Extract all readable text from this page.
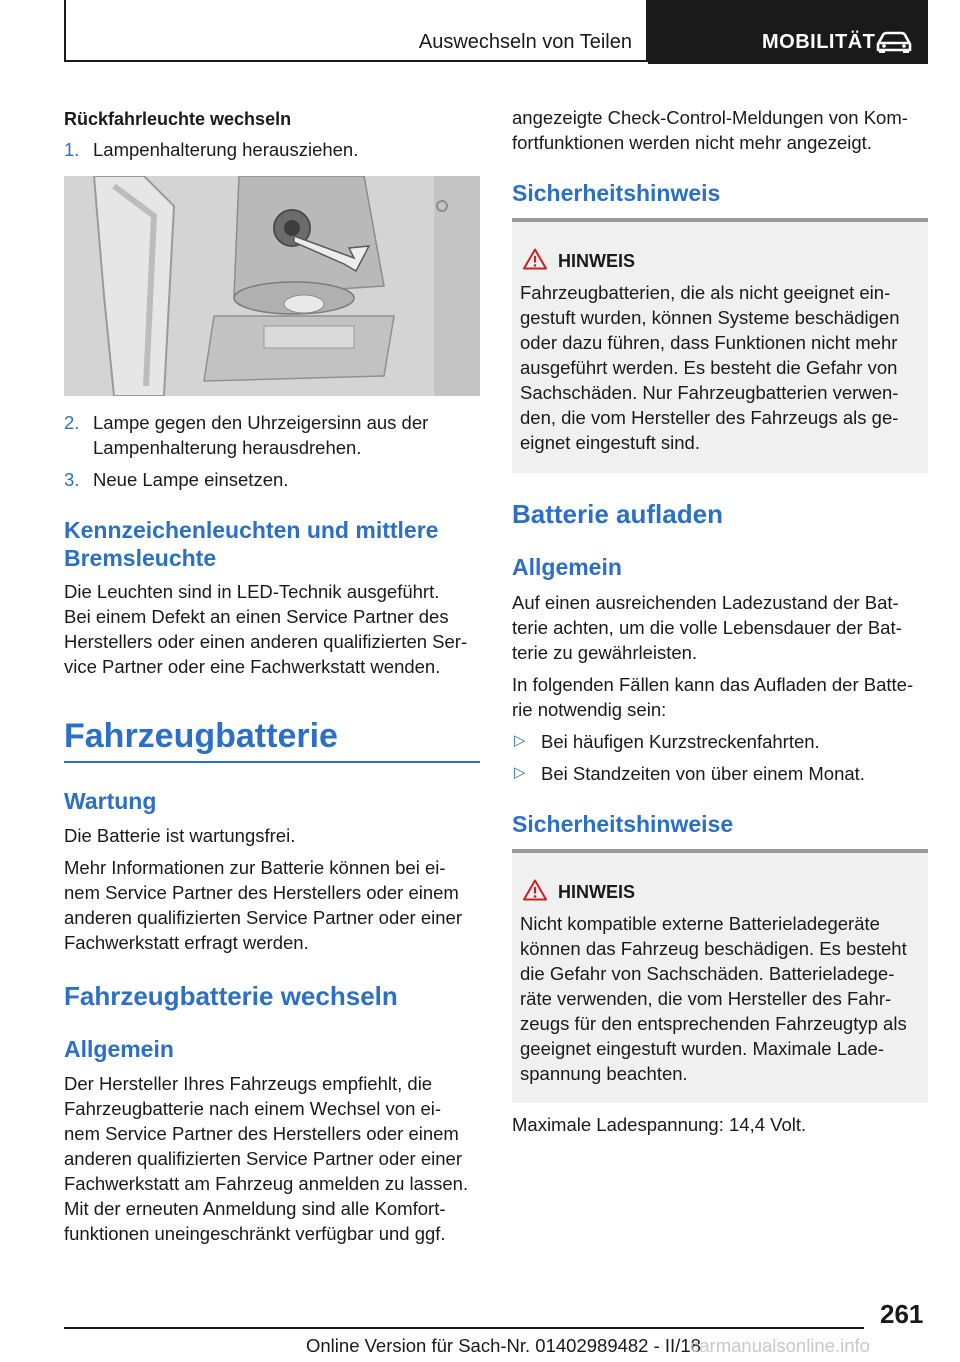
Auswechseln von Teilen	MOBILITÄT
Rückfahrleuchte wechseln
1. Lampenhalterung herausziehen.
2. Lampe gegen den Uhrzeigersinn aus der
Lampenhalterung herausdrehen.
3. Neue Lampe einsetzen.
Kennzeichenleuchten und mittlere
Bremsleuchte
Die Leuchten sind in LED-Technik ausgeführt.
Bei einem Defekt an einen Service Partner des
Herstellers oder einen anderen qualifizierten Ser-
vice Partner oder eine Fachwerkstatt wenden.
Fahrzeugbatterie
Wartung
Die Batterie ist wartungsfrei.
Mehr Informationen zur Batterie können bei ei-
nem Service Partner des Herstellers oder einem
anderen qualifizierten Service Partner oder einer
Fachwerkstatt erfragt werden.
Fahrzeugbatterie wechseln
Allgemein
Der Hersteller Ihres Fahrzeugs empfiehlt, die
Fahrzeugbatterie nach einem Wechsel von ei-
nem Service Partner des Herstellers oder einem
anderen qualifizierten Service Partner oder einer
Fachwerkstatt am Fahrzeug anmelden zu lassen.
Mit der erneuten Anmeldung sind alle Komfort-
funktionen uneingeschränkt verfügbar und ggf.
angezeigte Check-Control-Meldungen von Kom-
fortfunktionen werden nicht mehr angezeigt.
Sicherheitshinweis
HINWEIS
Fahrzeugbatterien, die als nicht geeignet ein-
gestuft wurden, können Systeme beschädigen
oder dazu führen, dass Funktionen nicht mehr
ausgeführt werden. Es besteht die Gefahr von
Sachschäden. Nur Fahrzeugbatterien verwen-
den, die vom Hersteller des Fahrzeugs als ge-
eignet eingestuft sind.
Batterie aufladen
Allgemein
Auf einen ausreichenden Ladezustand der Bat-
terie achten, um die volle Lebensdauer der Bat-
terie zu gewährleisten.
In folgenden Fällen kann das Aufladen der Batte-
rie notwendig sein:
▷ Bei häufigen Kurzstreckenfahrten.
▷ Bei Standzeiten von über einem Monat.
Sicherheitshinweise
HINWEIS
Nicht kompatible externe Batterieladegeräte
können das Fahrzeug beschädigen. Es besteht
die Gefahr von Sachschäden. Batterieladege-
räte verwenden, die vom Hersteller des Fahr-
zeugs für den entsprechenden Fahrzeugtyp als
geeignet eingestuft wurden. Maximale Lade-
spannung beachten.
Maximale Ladespannung: 14,4 Volt.
261
Online Version für Sach-Nr. 01402989482 - II/18
carmanualsonline.info
